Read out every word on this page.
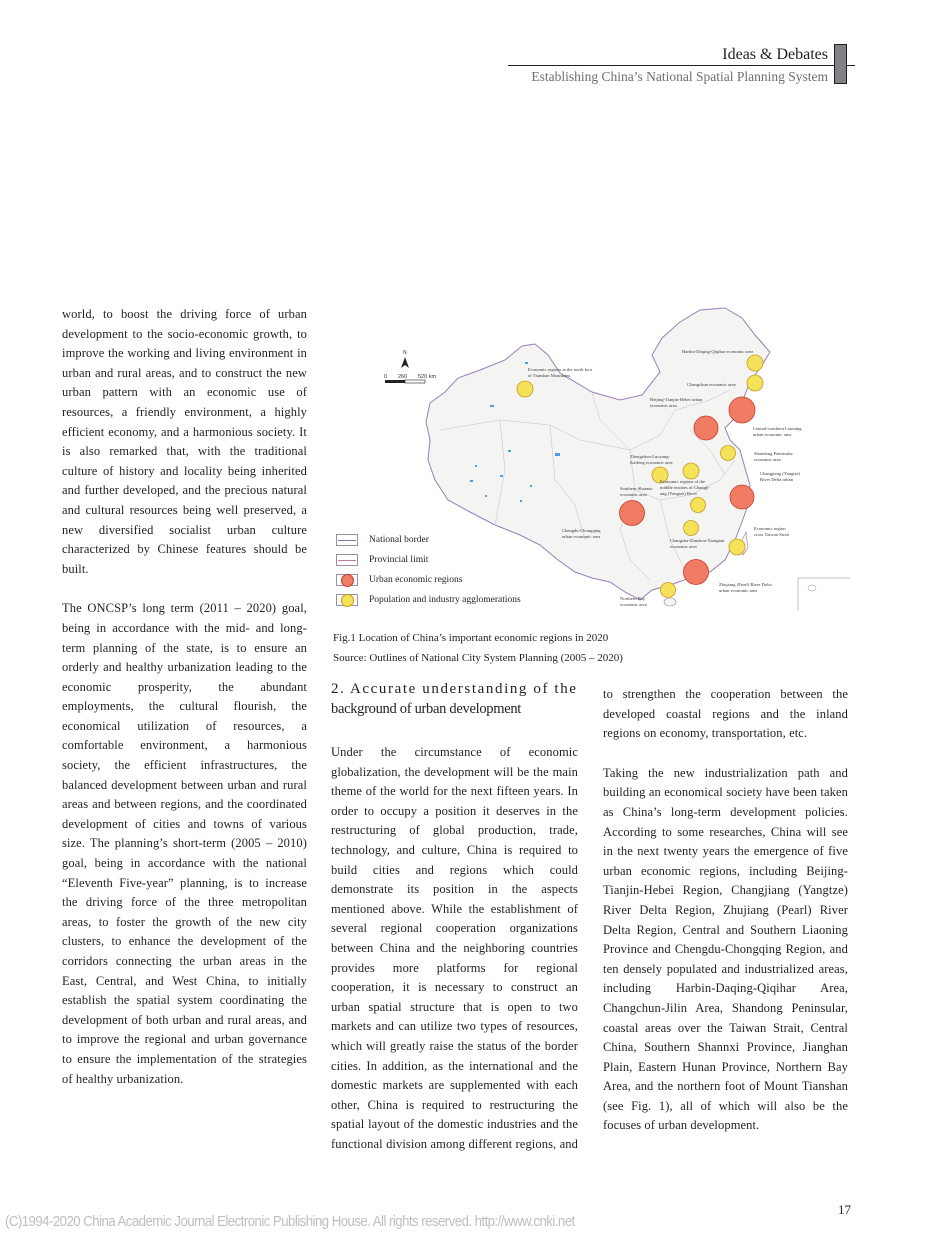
Ideas & Debates
Establishing China’s National Spatial Planning System

world, to boost the driving force of urban development to the socio-economic growth, to improve the working and living environment in urban and rural areas, and to construct the new urban pattern with an economic use of resources, a friendly environment, a highly efficient economy, and a harmonious society. It is also remarked that, with the traditional culture of history and locality being inherited and further developed, and the precious natural and cultural resources being well preserved, a new diversified socialist urban culture characterized by Chinese features should be built.

The ONCSP’s long term (2011 – 2020) goal, being in accordance with the mid- and long-term planning of the state, is to ensure an orderly and healthy urbanization leading to the economic prosperity, the abundant employments, the cultural flourish, the economical utilization of resources, a comfortable environment, a harmonious society, the efficient infrastructures, the balanced development between urban and rural areas and between regions, and the coordinated development of cities and towns of various size. The planning’s short-term (2005 – 2010) goal, being in accordance with the national “Eleventh Five-year” planning, is to increase the driving force of the three metropolitan areas, to foster the growth of the new city clusters, to enhance the development of the corridors connecting the urban areas in the East, Central, and West China, to initially establish the spatial system coordinating the development of both urban and rural areas, and to improve the regional and urban governance to ensure the implementation of the strategies of healthy urbanization.

N
0 260 520 km
Economic regions at the north foot
of Tianshan Mountains
Harbin-Daqing-Qiqihar economic area
Changchun economic area
Beijing-Tianjin-Hebei urban
economic area
Central-southern Liaoning
urban economic area
Shandong Peninsular
economic area
Zhengzhou-Luoyang-
Kaifeng economic area
Economic regions of the
middle reaches of Changji-
ang (Yangtze) River
Southern Shaanxi
economic area
Changjiang (Yangtze)
River Delta urban
Chengdu-Chongqing
urban economic area
Changsha-Zhuzhou-Xiangtan
economic area
Economic region
cross Taiwan Strait
Zhujiang (Pearl) River Delta
urban economic area
Northern Bay
economic area
National border
Provincial limit
Urban economic regions
Population and industry agglomerations
Fig.1 Location of China’s important economic regions in 2020
Source: Outlines of National City System Planning (2005 – 2020)
2. Accurate understanding of the
background of urban development

Under the circumstance of economic globalization, the development will be the main theme of the world for the next fifteen years. In order to occupy a position it deserves in the restructuring of global production, trade, technology, and culture, China is required to build cities and regions which could demonstrate its position in the aspects mentioned above. While the establishment of several regional cooperation organizations between China and the neighboring countries provides more platforms for regional cooperation, it is necessary to construct an urban spatial structure that is open to two markets and can utilize two types of resources, which will greatly raise the status of the border cities. In addition, as the international and the domestic markets are supplemented with each other, China is required to restructuring the spatial layout of the domestic industries and the functional division among different regions, and

to strengthen the cooperation between the developed coastal regions and the inland regions on economy, transportation, etc.

Taking the new industrialization path and building an economical society have been taken as China’s long-term development policies. According to some researches, China will see in the next twenty years the emergence of five urban economic regions, including Beijing-Tianjin-Hebei Region, Changjiang (Yangtze) River Delta Region, Zhujiang (Pearl) River Delta Region, Central and Southern Liaoning Province and Chengdu-Chongqing Region, and ten densely populated and industrialized areas, including Harbin-Daqing-Qiqihar Area, Changchun-Jilin Area, Shandong Peninsular, coastal areas over the Taiwan Strait, Central China, Southern Shannxi Province, Jianghan Plain, Eastern Hunan Province, Northern Bay Area, and the northern foot of Mount Tianshan (see Fig. 1), all of which will also be the focuses of urban development.

17
(C)1994-2020 China Academic Journal Electronic Publishing House. All rights reserved. http://www.cnki.net
